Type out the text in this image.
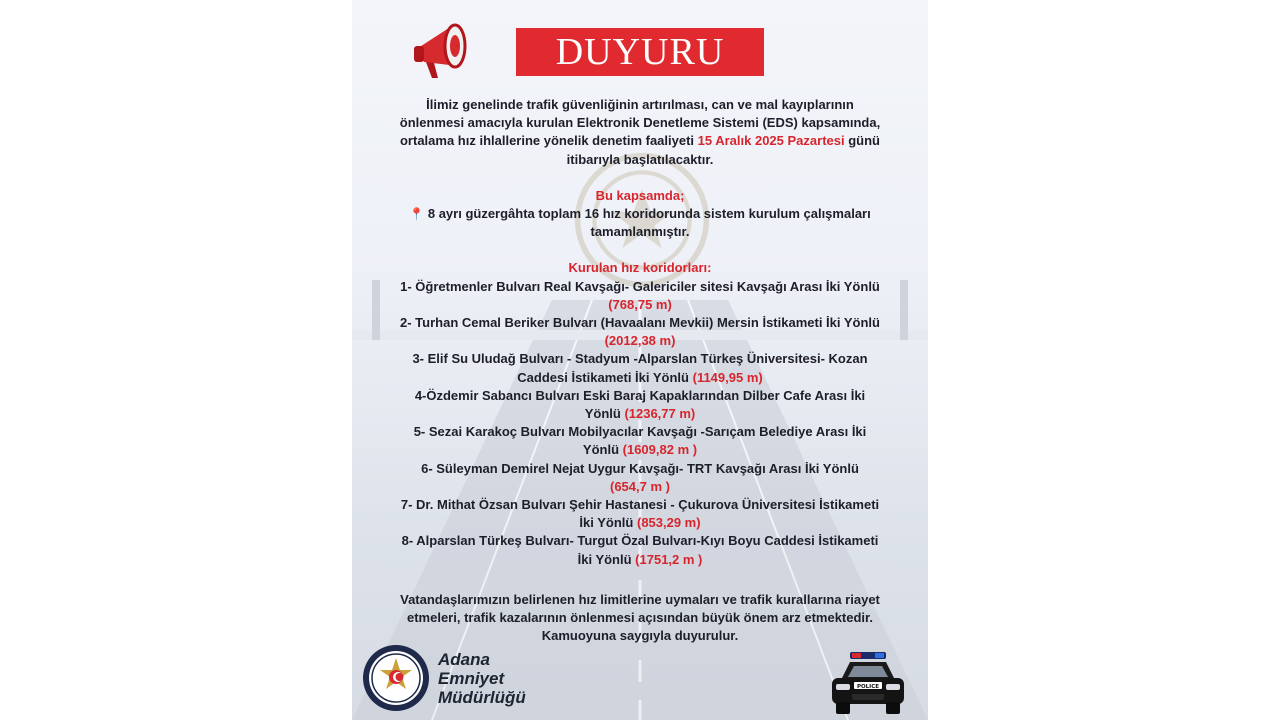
DUYURU

İlimiz genelinde trafik güvenliğinin artırılması, can ve mal kayıplarının

önlenmesi amacıyla kurulan Elektronik Denetleme Sistemi (EDS) kapsamında,

ortalama hız ihlallerine yönelik denetim faaliyeti 15 Aralık 2025 Pazartesi günü

itibarıyla başlatılacaktır.

Bu kapsamda;

📍 8 ayrı güzergâhta toplam 16 hız koridorunda sistem kurulum çalışmaları

tamamlanmıştır.

Kurulan hız koridorları:

1- Öğretmenler Bulvarı Real Kavşağı- Galericiler sitesi Kavşağı Arası İki Yönlü

(768,75 m)

2- Turhan Cemal Beriker Bulvarı (Havaalanı Mevkii) Mersin İstikameti İki Yönlü

(2012,38 m)

3- Elif Su Uludağ Bulvarı - Stadyum -Alparslan Türkeş Üniversitesi- Kozan

Caddesi İstikameti İki Yönlü (1149,95 m)

4-Özdemir Sabancı Bulvarı Eski Baraj Kapaklarından Dilber Cafe Arası İki

Yönlü (1236,77 m)

5- Sezai Karakoç Bulvarı Mobilyacılar Kavşağı -Sarıçam Belediye Arası İki

Yönlü (1609,82 m )

6- Süleyman Demirel Nejat Uygur Kavşağı- TRT Kavşağı Arası İki Yönlü

(654,7 m )

7- Dr. Mithat Özsan Bulvarı Şehir Hastanesi - Çukurova Üniversitesi İstikameti

İki Yönlü (853,29 m)

8- Alparslan Türkeş Bulvarı- Turgut Özal Bulvarı-Kıyı Boyu Caddesi İstikameti

İki Yönlü (1751,2 m )

Vatandaşlarımızın belirlenen hız limitlerine uymaları ve trafik kurallarına riayet

etmeleri, trafik kazalarının önlenmesi açısından büyük önem arz etmektedir.

Kamuoyuna saygıyla duyurulur.

Adana
Emniyet
Müdürlüğü
POLICE
